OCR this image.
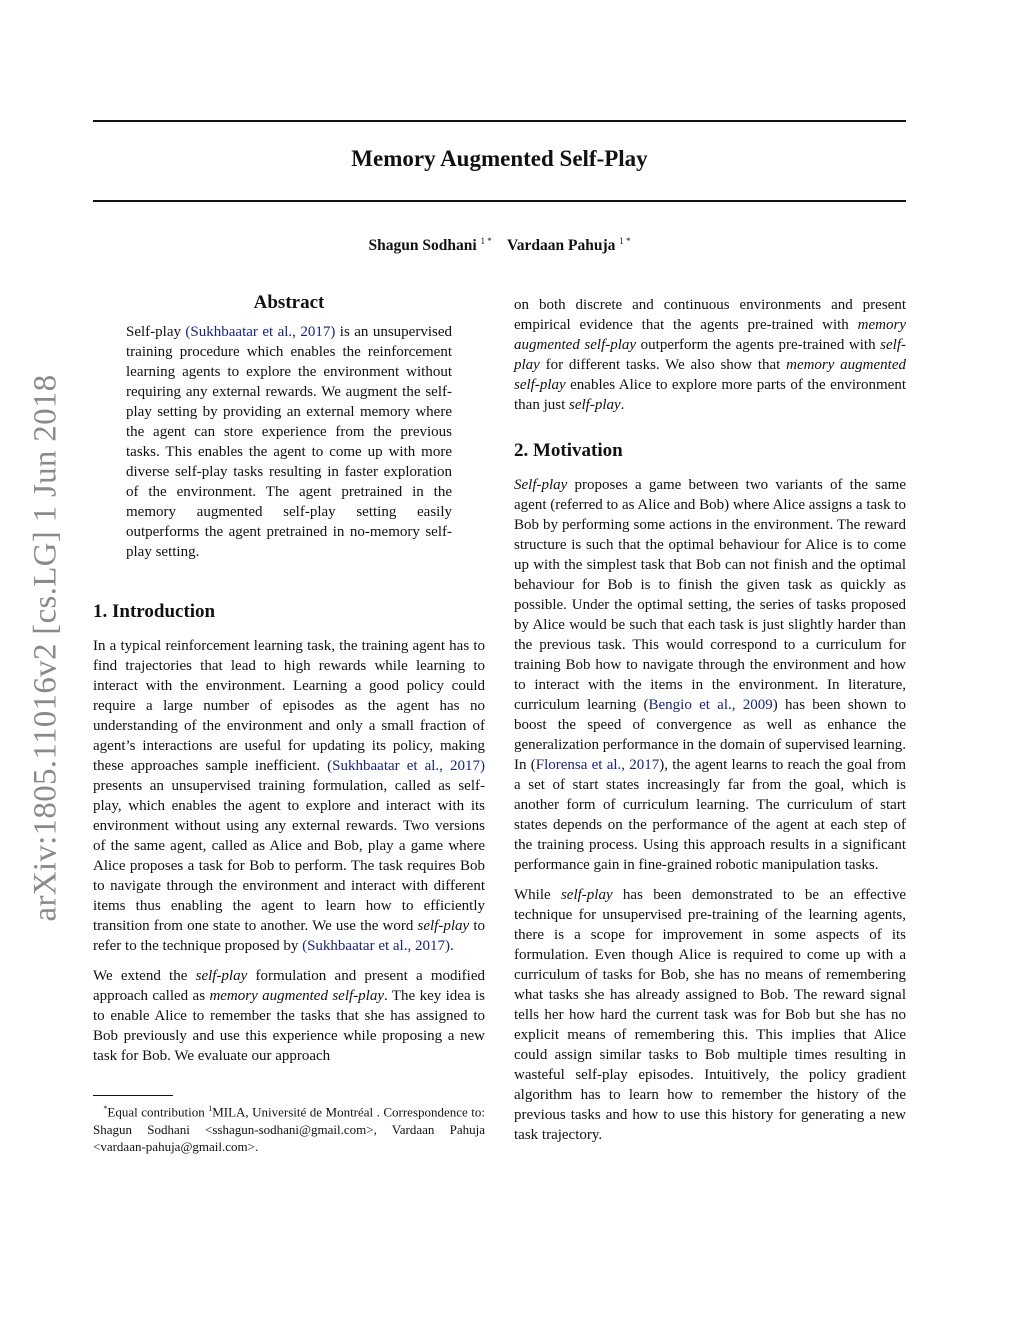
arXiv:1805.11016v2 [cs.LG] 1 Jun 2018
Memory Augmented Self-Play
Shagun Sodhani $^{1 *}$ Vardaan Pahuja $^{1 *}$
Abstract

Self-play (Sukhbaatar et al., 2017) is an unsupervised training procedure which enables the reinforcement learning agents to explore the environment without requiring any external rewards. We augment the self-play setting by providing an external memory where the agent can store experience from the previous tasks. This enables the agent to come up with more diverse self-play tasks resulting in faster exploration of the environment. The agent pretrained in the memory augmented self-play setting easily outperforms the agent pretrained in no-memory self-play setting.

1. Introduction

In a typical reinforcement learning task, the training agent has to find trajectories that lead to high rewards while learning to interact with the environment. Learning a good policy could require a large number of episodes as the agent has no understanding of the environment and only a small fraction of agent’s interactions are useful for updating its policy, making these approaches sample inefficient. (Sukhbaatar et al., 2017) presents an unsupervised training formulation, called as self-play, which enables the agent to explore and interact with its environment without using any external rewards. Two versions of the same agent, called as Alice and Bob, play a game where Alice proposes a task for Bob to perform. The task requires Bob to navigate through the environment and interact with different items thus enabling the agent to learn how to efficiently transition from one state to another. We use the word self-play to refer to the technique proposed by (Sukhbaatar et al., 2017).

We extend the self-play formulation and present a modified approach called as memory augmented self-play. The key idea is to enable Alice to remember the tasks that she has assigned to Bob previously and use this experience while proposing a new task for Bob. We evaluate our approach

*Equal contribution $^1$MILA, Université de Montréal . Correspondence to: Shagun Sodhani <sshagun-sodhani@gmail.com>, Vardaan Pahuja <vardaan-pahuja@gmail.com>.

on both discrete and continuous environments and present empirical evidence that the agents pre-trained with memory augmented self-play outperform the agents pre-trained with self-play for different tasks. We also show that memory augmented self-play enables Alice to explore more parts of the environment than just self-play.

2. Motivation

Self-play proposes a game between two variants of the same agent (referred to as Alice and Bob) where Alice assigns a task to Bob by performing some actions in the environment. The reward structure is such that the optimal behaviour for Alice is to come up with the simplest task that Bob can not finish and the optimal behaviour for Bob is to finish the given task as quickly as possible. Under the optimal setting, the series of tasks proposed by Alice would be such that each task is just slightly harder than the previous task. This would correspond to a curriculum for training Bob how to navigate through the environment and how to interact with the items in the environment. In literature, curriculum learning (Bengio et al., 2009) has been shown to boost the speed of convergence as well as enhance the generalization performance in the domain of supervised learning. In (Florensa et al., 2017), the agent learns to reach the goal from a set of start states increasingly far from the goal, which is another form of curriculum learning. The curriculum of start states depends on the performance of the agent at each step of the training process. Using this approach results in a significant performance gain in fine-grained robotic manipulation tasks.

While self-play has been demonstrated to be an effective technique for unsupervised pre-training of the learning agents, there is a scope for improvement in some aspects of its formulation. Even though Alice is required to come up with a curriculum of tasks for Bob, she has no means of remembering what tasks she has already assigned to Bob. The reward signal tells her how hard the current task was for Bob but she has no explicit means of remembering this. This implies that Alice could assign similar tasks to Bob multiple times resulting in wasteful self-play episodes. Intuitively, the policy gradient algorithm has to learn how to remember the history of the previous tasks and how to use this history for generating a new task trajectory.
